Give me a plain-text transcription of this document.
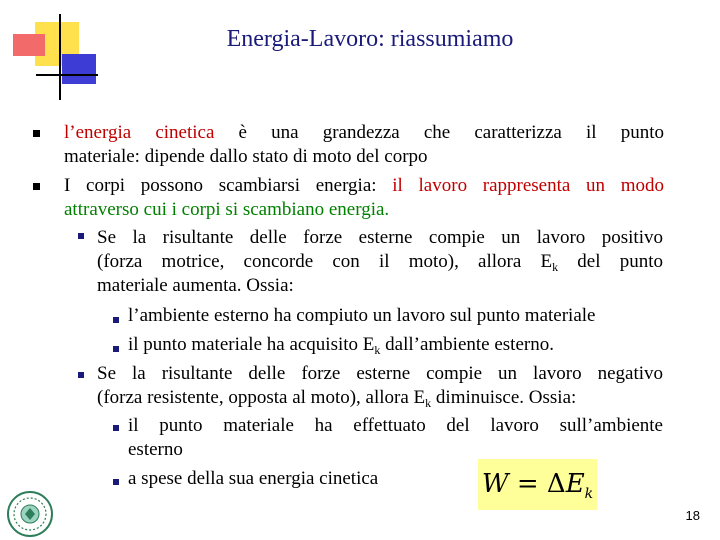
Energia-Lavoro: riassumiamo
l’energia cinetica è una grandezza che caratterizza il punto
materiale: dipende dallo stato di moto del corpo
I corpi possono scambiarsi energia: il lavoro rappresenta un modo
attraverso cui i corpi si scambiano energia.
Se la risultante delle forze esterne compie un lavoro positivo
(forza motrice, concorde con il moto), allora $E_k$ del punto
materiale aumenta. Ossia:
l’ambiente esterno ha compiuto un lavoro sul punto materiale
il punto materiale ha acquisito $E_k$ dall’ambiente esterno.
Se la risultante delle forze esterne compie un lavoro negativo
(forza resistente, opposta al moto), allora $E_k$ diminuisce. Ossia:
il punto materiale ha effettuato del lavoro sull’ambiente
esterno
a spese della sua energia cinetica	$W = \Delta E_k$
18
